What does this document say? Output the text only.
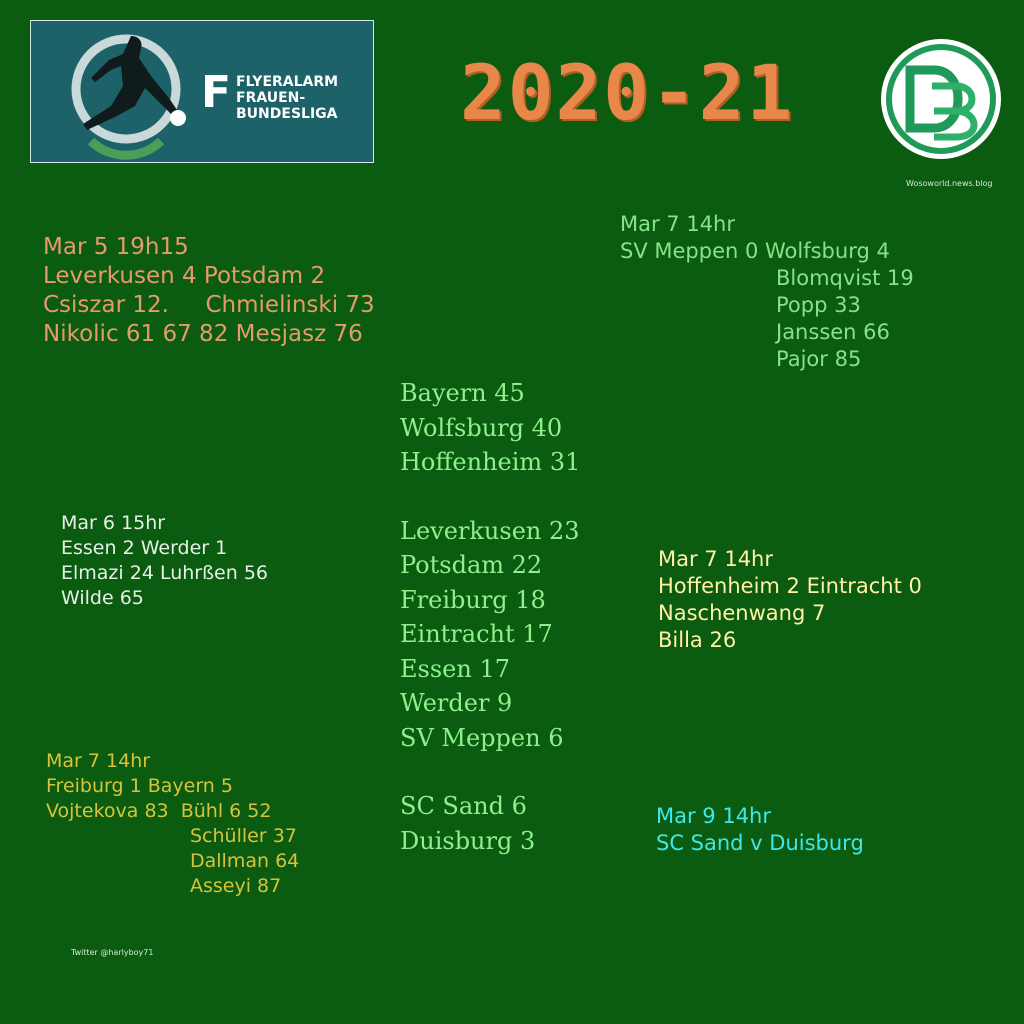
F FLYERALARM
FRAUEN-
BUNDESLIGA 2020-21
Wosoworld.news.blog
Mar 5 19h15
Leverkusen 4 Potsdam 2
Csiszar 12.     Chmielinski 73
Nikolic 61 67 82 Mesjasz 76
Mar 7 14hr
SV Meppen 0 Wolfsburg 4
Blomqvist 19
Popp 33
Janssen 66
Pajor 85
Bayern 45
Wolfsburg 40
Hoffenheim 31
Leverkusen 23
Potsdam 22
Freiburg 18
Eintracht 17
Essen 17
Werder 9
SV Meppen 6
SC Sand 6
Duisburg 3
Mar 6 15hr
Essen 2 Werder 1
Elmazi 24 Luhrßen 56
Wilde 65
Mar 7 14hr
Hoffenheim 2 Eintracht 0
Naschenwang 7
Billa 26
Mar 7 14hr
Freiburg 1 Bayern 5
Vojtekova 83  Bühl 6 52
Schüller 37
Dallman 64
Asseyi 87
Mar 9 14hr
SC Sand v Duisburg
Twitter @harlyboy71
